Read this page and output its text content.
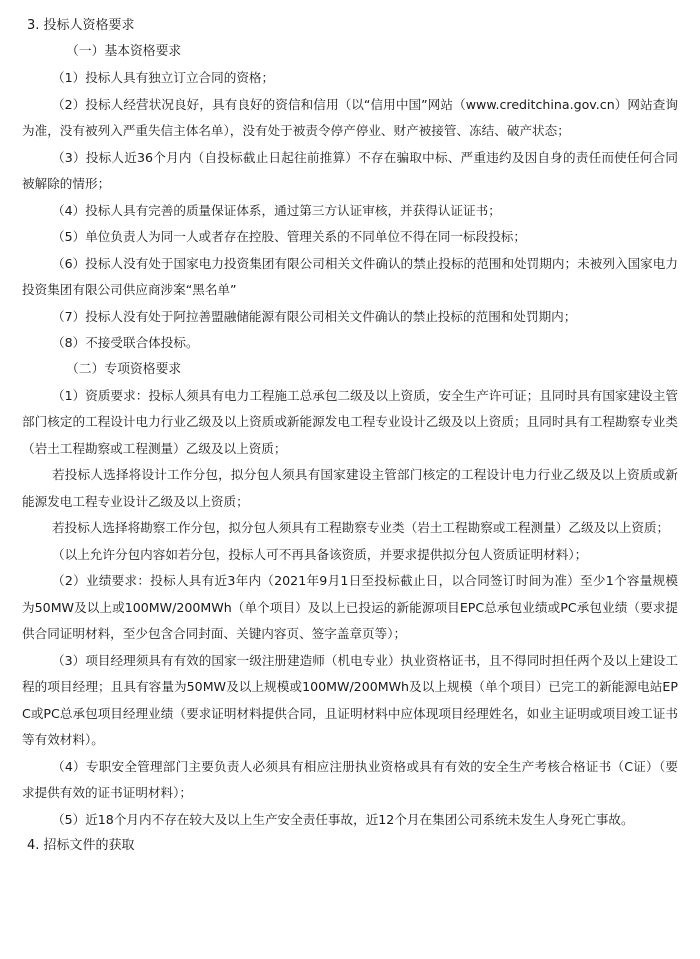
3. 投标人资格要求
（一）基本资格要求

（1）投标人具有独立订立合同的资格；

（2）投标人经营状况良好，具有良好的资信和信用（以“信用中国”网站（www.creditchina.gov.cn）网站查询为准，没有被列入严重失信主体名单），没有处于被责令停产停业、财产被接管、冻结、破产状态；

（3）投标人近36个月内（自投标截止日起往前推算）不存在骗取中标、严重违约及因自身的责任而使任何合同被解除的情形；

（4）投标人具有完善的质量保证体系，通过第三方认证审核，并获得认证证书；

（5）单位负责人为同一人或者存在控股、管理关系的不同单位不得在同一标段投标；

（6）投标人没有处于国家电力投资集团有限公司相关文件确认的禁止投标的范围和处罚期内；未被列入国家电力投资集团有限公司供应商涉案“黑名单”

（7）投标人没有处于阿拉善盟融储能源有限公司相关文件确认的禁止投标的范围和处罚期内；

（8）不接受联合体投标。

（二）专项资格要求

（1）资质要求：投标人须具有电力工程施工总承包二级及以上资质，安全生产许可证；且同时具有国家建设主管部门核定的工程设计电力行业乙级及以上资质或新能源发电工程专业设计乙级及以上资质；且同时具有工程勘察专业类（岩土工程勘察或工程测量）乙级及以上资质；

若投标人选择将设计工作分包，拟分包人须具有国家建设主管部门核定的工程设计电力行业乙级及以上资质或新能源发电工程专业设计乙级及以上资质；

若投标人选择将勘察工作分包，拟分包人须具有工程勘察专业类（岩土工程勘察或工程测量）乙级及以上资质；

（以上允许分包内容如若分包，投标人可不再具备该资质，并要求提供拟分包人资质证明材料）；

（2）业绩要求：投标人具有近3年内（2021年9月1日至投标截止日，以合同签订时间为准）至少1个容量规模为50MW及以上或100MW/200MWh（单个项目）及以上已投运的新能源项目EPC总承包业绩或PC承包业绩（要求提供合同证明材料，至少包含合同封面、关键内容页、签字盖章页等）；

（3）项目经理须具有有效的国家一级注册建造师（机电专业）执业资格证书，且不得同时担任两个及以上建设工程的项目经理；且具有容量为50MW及以上规模或100MW/200MWh及以上规模（单个项目）已完工的新能源电站EPC或PC总承包项目经理业绩（要求证明材料提供合同，且证明材料中应体现项目经理姓名，如业主证明或项目竣工证书等有效材料）。

（4）专职安全管理部门主要负责人必须具有相应注册执业资格或具有有效的安全生产考核合格证书（C证）（要求提供有效的证书证明材料）；

（5）近18个月内不存在较大及以上生产安全责任事故，近12个月在集团公司系统未发生人身死亡事故。

4. 招标文件的获取
